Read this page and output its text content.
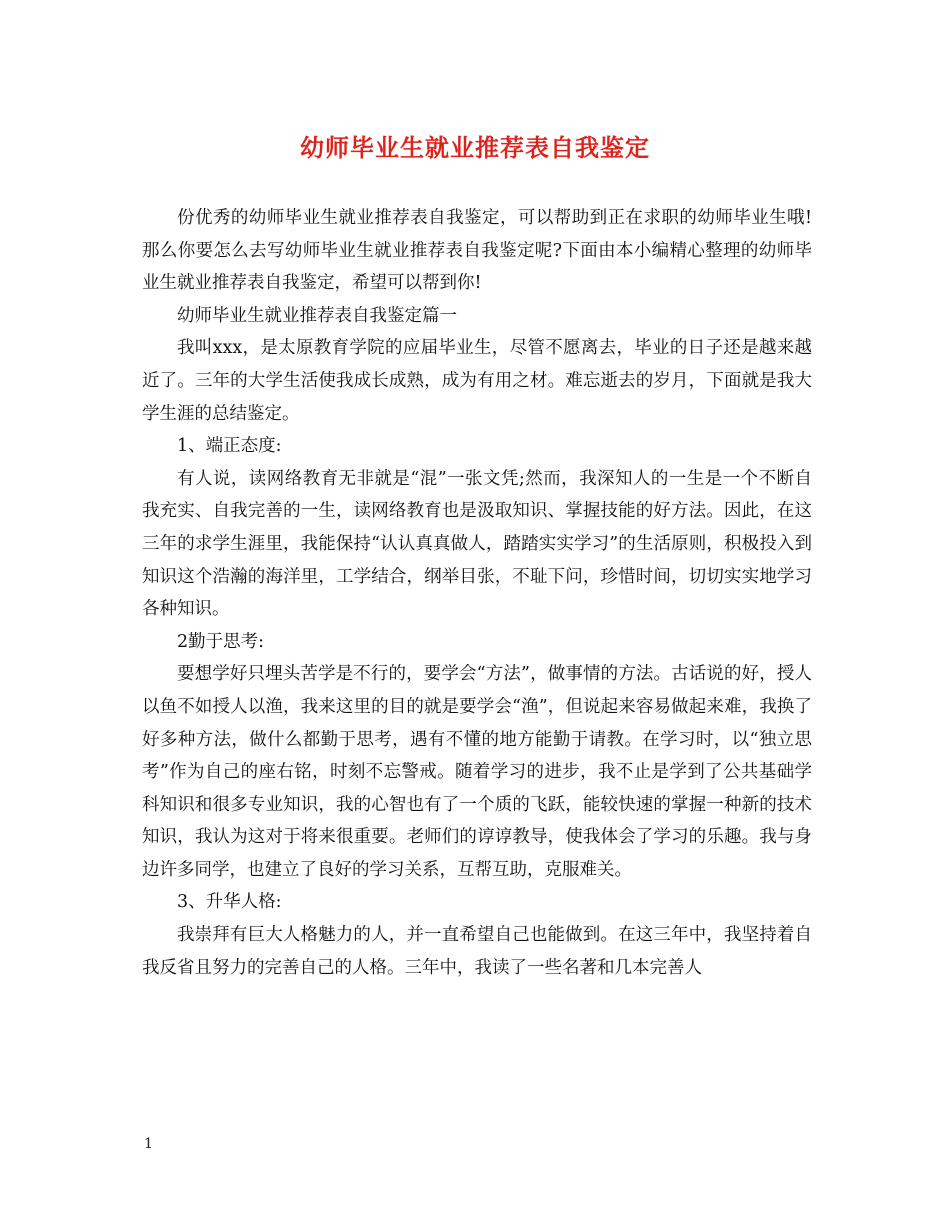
幼师毕业生就业推荐表自我鉴定

份优秀的幼师毕业生就业推荐表自我鉴定，可以帮助到正在求职的幼师毕业生哦!那么你要怎么去写幼师毕业生就业推荐表自我鉴定呢?下面由本小编精心整理的幼师毕业生就业推荐表自我鉴定，希望可以帮到你!

幼师毕业生就业推荐表自我鉴定篇一

我叫xxx，是太原教育学院的应届毕业生，尽管不愿离去，毕业的日子还是越来越近了。三年的大学生活使我成长成熟，成为有用之材。难忘逝去的岁月，下面就是我大学生涯的总结鉴定。

1、端正态度:

有人说，读网络教育无非就是“混”一张文凭;然而，我深知人的一生是一个不断自我充实、自我完善的一生，读网络教育也是汲取知识、掌握技能的好方法。因此，在这三年的求学生涯里，我能保持“认认真真做人，踏踏实实学习”的生活原则，积极投入到知识这个浩瀚的海洋里，工学结合，纲举目张，不耻下问，珍惜时间，切切实实地学习各种知识。

2勤于思考:

要想学好只埋头苦学是不行的，要学会“方法”，做事情的方法。古话说的好，授人以鱼不如授人以渔，我来这里的目的就是要学会“渔”，但说起来容易做起来难，我换了好多种方法，做什么都勤于思考，遇有不懂的地方能勤于请教。在学习时，以“独立思考”作为自己的座右铭，时刻不忘警戒。随着学习的进步，我不止是学到了公共基础学科知识和很多专业知识，我的心智也有了一个质的飞跃，能较快速的掌握一种新的技术知识，我认为这对于将来很重要。老师们的谆谆教导，使我体会了学习的乐趣。我与身边许多同学，也建立了良好的学习关系，互帮互助，克服难关。

3、升华人格:

我崇拜有巨大人格魅力的人，并一直希望自己也能做到。在这三年中，我坚持着自我反省且努力的完善自己的人格。三年中，我读了一些名著和几本完善人

1
